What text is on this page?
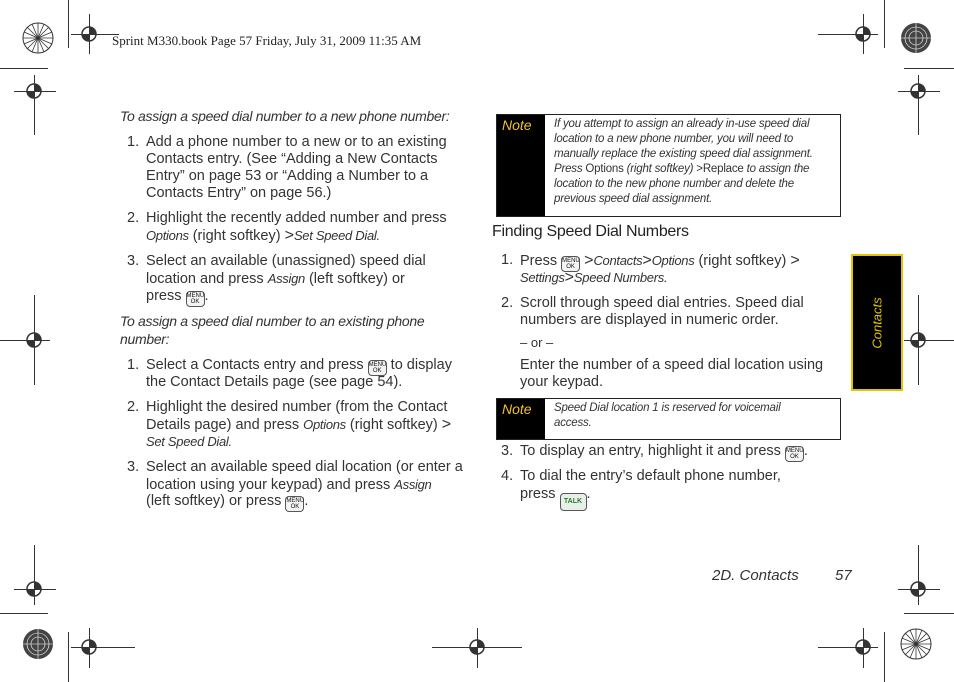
Sprint M330.book Page 57 Friday, July 31, 2009 11:35 AM
To assign a speed dial number to a new phone number:
1. Add a phone number to a new or to an existing
Contacts entry. (See “Adding a New Contacts
Entry” on page 53 or “Adding a Number to a
Contacts Entry” on page 56.)
2. Highlight the recently added number and press
Options (right softkey) >Set Speed Dial.
3. Select an available (unassigned) speed dial
location and press Assign (left softkey) or
press MENU
OK .
To assign a speed dial number to an existing phone
number:
1. Select a Contacts entry and press MENU
OK to display
the Contact Details page (see page 54).
2. Highlight the desired number (from the Contact
Details page) and press Options (right softkey) >
Set Speed Dial.
3. Select an available speed dial location (or enter a
location using your keypad) and press Assign
(left softkey) or press MENU
OK .
Note	If you attempt to assign an already in-use speed dial
location to a new phone number, you will need to
manually replace the existing speed dial assignment.
Press Options (right softkey) >Replace to assign the
location to the new phone number and delete the
previous speed dial assignment.
Finding Speed Dial Numbers
1. Press MENU
OK >Contacts>Options (right softkey) >
Settings>Speed Numbers.
2. Scroll through speed dial entries. Speed dial
numbers are displayed in numeric order.
– or –
Enter the number of a speed dial location using
your keypad.
Note	Speed Dial location 1 is reserved for voicemail
access.
3. To display an entry, highlight it and press MENU
OK .
4. To dial the entry’s default phone number,
press TALK .
Contacts
2D. Contacts 57
